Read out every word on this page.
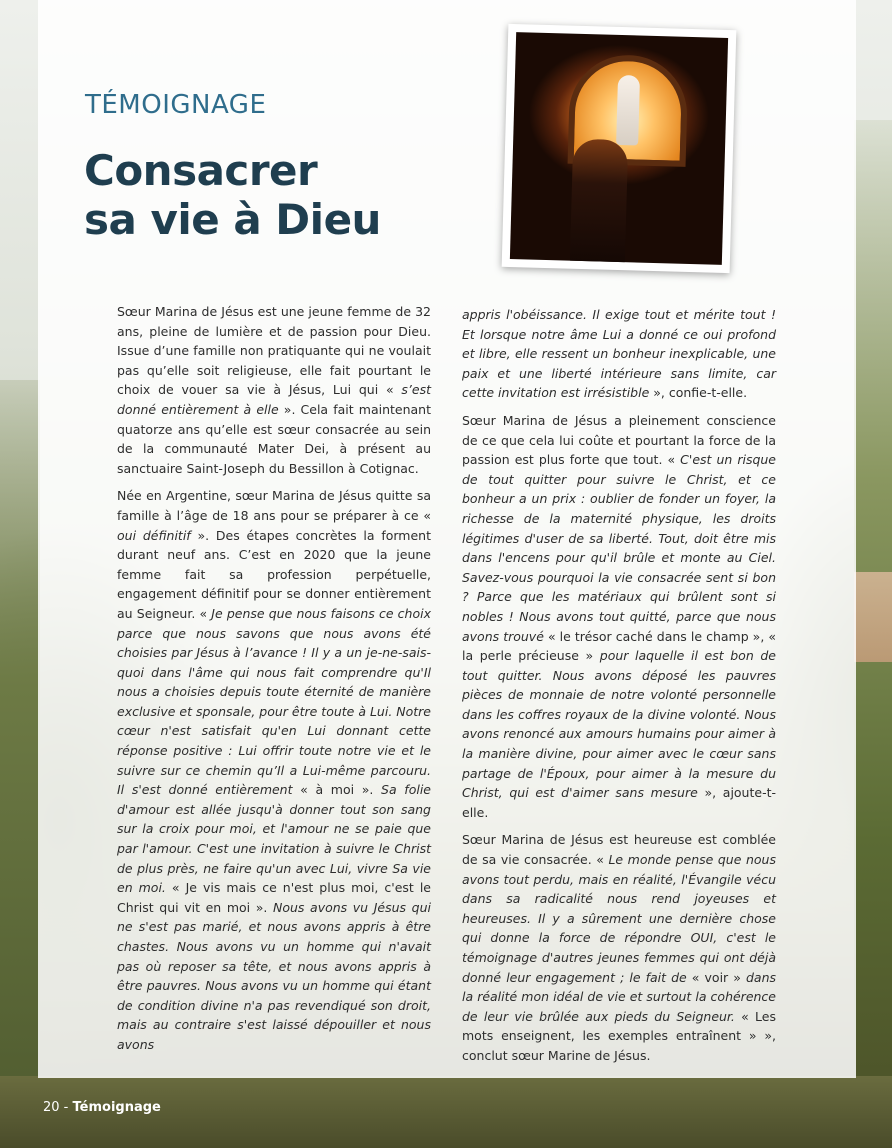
TÉMOIGNAGE
Consacrer
sa vie à Dieu

Sœur Marina de Jésus est une jeune femme de 32 ans, pleine de lumière et de passion pour Dieu. Issue d’une famille non pratiquante qui ne voulait pas qu’elle soit religieuse, elle fait pourtant le choix de vouer sa vie à Jésus, Lui qui « s’est donné entièrement à elle ». Cela fait maintenant quatorze ans qu’elle est sœur consacrée au sein de la communauté Mater Dei, à présent au sanctuaire Saint-Joseph du Bessillon à Cotignac.

Née en Argentine, sœur Marina de Jésus quitte sa famille à l’âge de 18 ans pour se préparer à ce « oui définitif ». Des étapes concrètes la forment durant neuf ans. C’est en 2020 que la jeune femme fait sa profession perpétuelle, engagement définitif pour se donner entièrement au Seigneur. « Je pense que nous faisons ce choix parce que nous savons que nous avons été choisies par Jésus à l’avance ! Il y a un je-ne-sais-quoi dans l'âme qui nous fait comprendre qu'Il nous a choisies depuis toute éternité de manière exclusive et sponsale, pour être toute à Lui. Notre cœur n'est satisfait qu'en Lui donnant cette réponse positive : Lui offrir toute notre vie et le suivre sur ce chemin qu’Il a Lui-même parcouru. Il s'est donné entièrement « à moi ». Sa folie d'amour est allée jusqu'à donner tout son sang sur la croix pour moi, et l'amour ne se paie que par l'amour. C'est une invitation à suivre le Christ de plus près, ne faire qu'un avec Lui, vivre Sa vie en moi. « Je vis mais ce n'est plus moi, c'est le Christ qui vit en moi ». Nous avons vu Jésus qui ne s'est pas marié, et nous avons appris à être chastes. Nous avons vu un homme qui n'avait pas où reposer sa tête, et nous avons appris à être pauvres. Nous avons vu un homme qui étant de condition divine n'a pas revendiqué son droit, mais au contraire s'est laissé dépouiller et nous avons

appris l'obéissance. Il exige tout et mérite tout ! Et lorsque notre âme Lui a donné ce oui profond et libre, elle ressent un bonheur inexplicable, une paix et une liberté intérieure sans limite, car cette invitation est irrésistible », confie-t-elle.

Sœur Marina de Jésus a pleinement conscience de ce que cela lui coûte et pourtant la force de la passion est plus forte que tout. « C'est un risque de tout quitter pour suivre le Christ, et ce bonheur a un prix : oublier de fonder un foyer, la richesse de la maternité physique, les droits légitimes d'user de sa liberté. Tout, doit être mis dans l'encens pour qu'il brûle et monte au Ciel. Savez-vous pourquoi la vie consacrée sent si bon ? Parce que les matériaux qui brûlent sont si nobles ! Nous avons tout quitté, parce que nous avons trouvé « le trésor caché dans le champ », « la perle précieuse » pour laquelle il est bon de tout quitter. Nous avons déposé les pauvres pièces de monnaie de notre volonté personnelle dans les coffres royaux de la divine volonté. Nous avons renoncé aux amours humains pour aimer à la manière divine, pour aimer avec le cœur sans partage de l'Époux, pour aimer à la mesure du Christ, qui est d'aimer sans mesure », ajoute-t-elle.

Sœur Marina de Jésus est heureuse est comblée de sa vie consacrée. « Le monde pense que nous avons tout perdu, mais en réalité, l'Évangile vécu dans sa radicalité nous rend joyeuses et heureuses. Il y a sûrement une dernière chose qui donne la force de répondre OUI, c'est le témoignage d'autres jeunes femmes qui ont déjà donné leur engagement ; le fait de « voir » dans la réalité mon idéal de vie et surtout la cohérence de leur vie brûlée aux pieds du Seigneur. « Les mots enseignent, les exemples entraînent » », conclut sœur Marine de Jésus.

20 - Témoignage
